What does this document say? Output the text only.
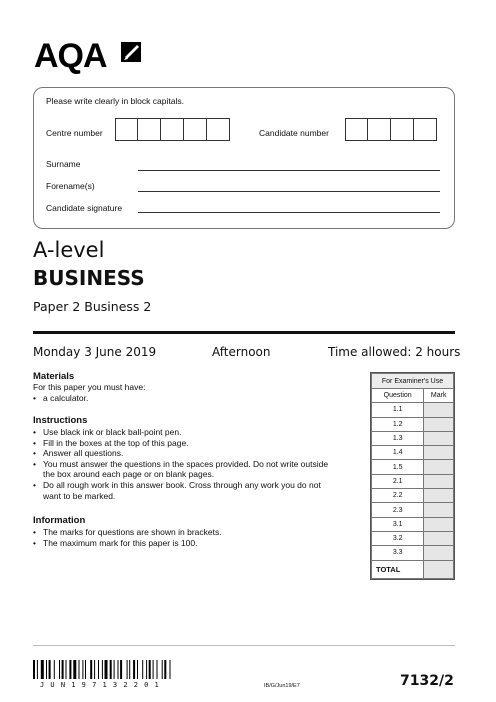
AQA
Please write clearly in block capitals.
Centre number	Candidate number
Surname
Forename(s)
Candidate signature
A-level
BUSINESS
Paper 2 Business 2
Monday 3 June 2019	Afternoon	Time allowed: 2 hours
Materials
For this paper you must have:
• a calculator.
Instructions
• Use black ink or black ball-point pen.
• Fill in the boxes at the top of this page.
• Answer all questions.
• You must answer the questions in the spaces provided. Do not write outside the box around each page or on blank pages.
• Do all rough work in this answer book. Cross through any work you do not want to be marked.
Information
• The marks for questions are shown in brackets.
• The maximum mark for this paper is 100.
For Examiner's Use	
Question	Mark
1.1	
1.2	
1.3	
1.4	
1.5	
2.1	
2.2	
2.3	
3.1	
3.2	
3.3	
TOTAL	
JUN197132201	IB/G/Jun19/E7	7132/2
